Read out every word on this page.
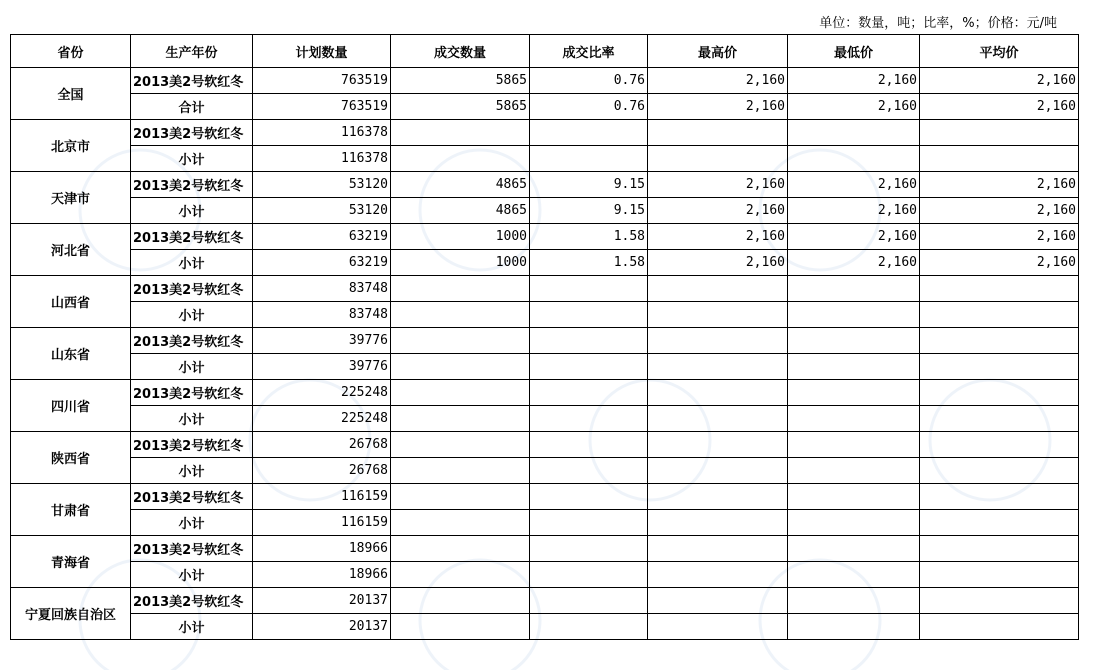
单位：数量，吨；比率，%；价格：元/吨
省份	生产年份	计划数量	成交数量	成交比率	最高价	最低价	平均价
全国	2013美2号软红冬	763519	5865	0.76	2,160	2,160	2,160
	合计	763519	5865	0.76	2,160	2,160	2,160
北京市	2013美2号软红冬	116378					
	小计	116378					
天津市	2013美2号软红冬	53120	4865	9.15	2,160	2,160	2,160
	小计	53120	4865	9.15	2,160	2,160	2,160
河北省	2013美2号软红冬	63219	1000	1.58	2,160	2,160	2,160
	小计	63219	1000	1.58	2,160	2,160	2,160
山西省	2013美2号软红冬	83748					
	小计	83748					
山东省	2013美2号软红冬	39776					
	小计	39776					
四川省	2013美2号软红冬	225248					
	小计	225248					
陕西省	2013美2号软红冬	26768					
	小计	26768					
甘肃省	2013美2号软红冬	116159					
	小计	116159					
青海省	2013美2号软红冬	18966					
	小计	18966					
宁夏回族自治区	2013美2号软红冬	20137					
	小计	20137					
